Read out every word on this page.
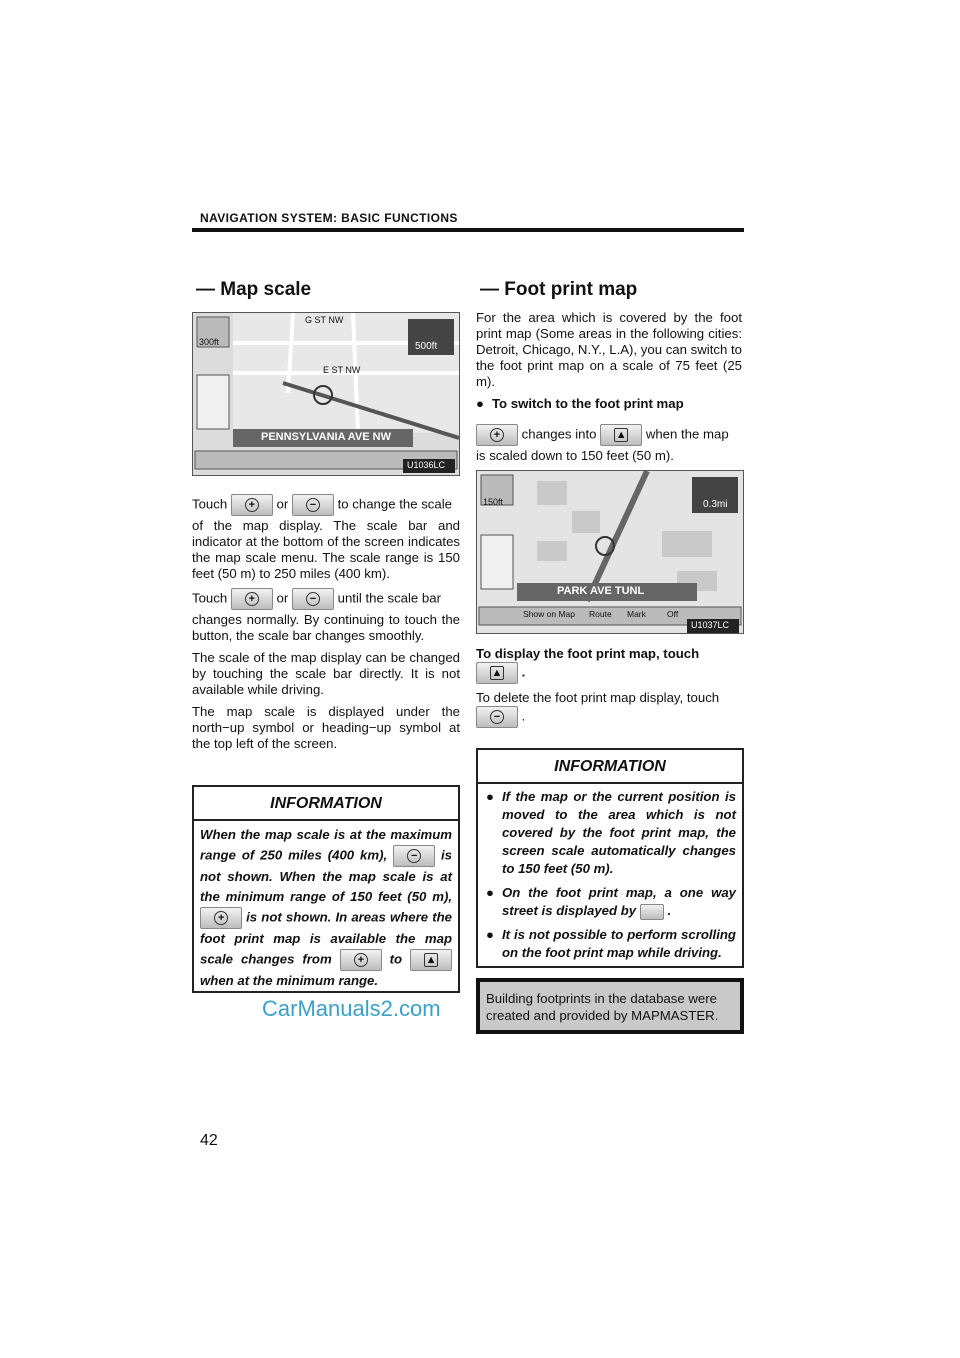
NAVIGATION SYSTEM: BASIC FUNCTIONS
— Map scale
G ST NW
E ST NW
300ft	500ft
PENNSYLVANIA AVE NW
U1036LC

Touch	+ or	− to change the scale

of the map display. The scale bar and indicator at the bottom of the screen indicates the map scale menu. The scale range is 150 feet (50 m) to 250 miles (400 km).

Touch	+ or	− until the scale bar

changes normally. By continuing to touch the button, the scale bar changes smoothly.

The scale of the map display can be changed by touching the scale bar directly. It is not available while driving.

The map scale is displayed under the north−up symbol or heading−up symbol at the top left of the screen.

INFORMATION
When the map scale is at the maximum range of 250 miles (400 km),	− is not shown. When the map scale is at the minimum range of 150 feet (50 m),
+ is not shown. In areas where the foot print map is available the map scale changes from	+ to ▲
when at the minimum range.
CarManuals2.com
— Foot print map

For the area which is covered by the foot print map (Some areas in the following cities: Detroit, Chicago, N.Y., L.A), you can switch to the foot print map on a scale of 75 feet (25 m).

● To switch to the foot print map

+ changes into ▲ when the map

is scaled down to 150 feet (50 m).

150ft	0.3mi
PARK AVE TUNL
Show on Map Route Mark Off
U1037LC

To display the foot print map, touch

▲ .

To delete the foot print map display, touch

− .

INFORMATION
● If the map or the current position is moved to the area which is not covered by the foot print map, the screen scale automatically changes to 150 feet (50 m).
● On the foot print map, a one way street is displayed by  .
● It is not possible to perform scrolling on the foot print map while driving.
Building footprints in the database were created and provided by MAPMASTER.
42
